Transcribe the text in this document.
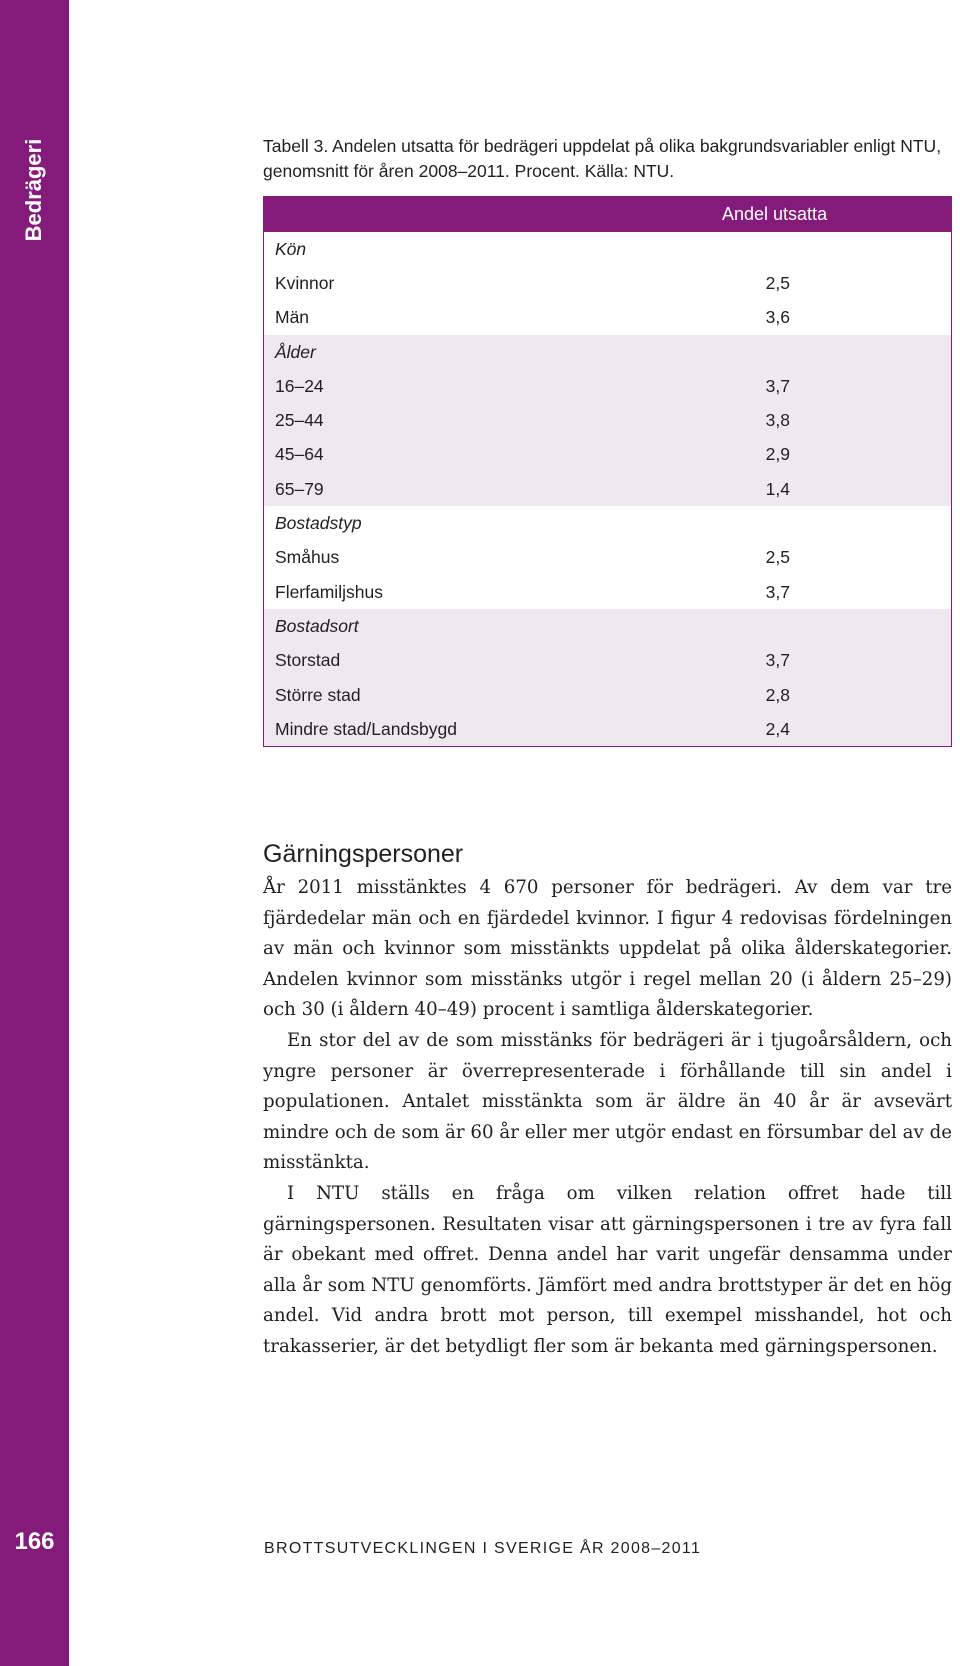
Bedrägeri
166
Tabell 3. Andelen utsatta för bedrägeri uppdelat på olika bakgrundsvariabler enligt NTU, genomsnitt för åren 2008–2011. Procent. Källa: NTU.
Andel utsatta
Kön
Kvinnor	2,5
Män	3,6
Ålder
16–24	3,7
25–44	3,8
45–64	2,9
65–79	1,4
Bostadstyp
Småhus	2,5
Flerfamiljshus	3,7
Bostadsort
Storstad	3,7
Större stad	2,8
Mindre stad/Landsbygd	2,4
Gärningspersoner

År 2011 misstänktes 4 670 personer för bedrägeri. Av dem var tre fjärdedelar män och en fjärdedel kvinnor. I figur 4 redovisas fördelningen av män och kvinnor som misstänkts uppdelat på olika ålderskategorier. Andelen kvinnor som misstänks utgör i regel mellan 20 (i åldern 25–29) och 30 (i åldern 40–49) procent i samtliga ålderskategorier.

En stor del av de som misstänks för bedrägeri är i tjugoårsåldern, och yngre personer är överrepresenterade i förhållande till sin andel i populationen. Antalet misstänkta som är äldre än 40 år är avsevärt mindre och de som är 60 år eller mer utgör endast en försumbar del av de misstänkta.

I NTU ställs en fråga om vilken relation offret hade till gärningspersonen. Resultaten visar att gärningspersonen i tre av fyra fall är obekant med offret. Denna andel har varit ungefär densamma under alla år som NTU genomförts. Jämfört med andra brottstyper är det en hög andel. Vid andra brott mot person, till exempel misshandel, hot och trakasserier, är det betydligt fler som är bekanta med gärningspersonen.

BROTTSUTVECKLINGEN I SVERIGE ÅR 2008–2011
